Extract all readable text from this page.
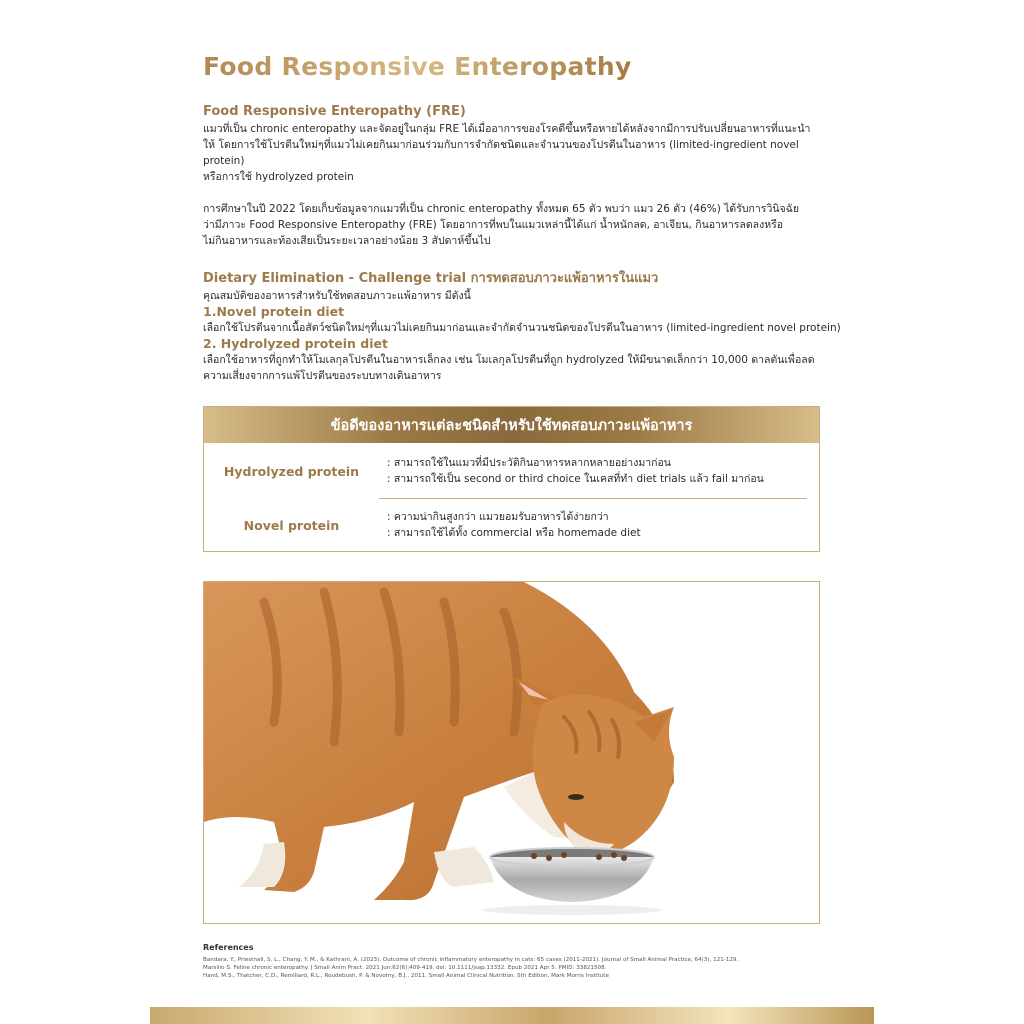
Food Responsive Enteropathy
Food Responsive Enteropathy (FRE)
แมวที่เป็น chronic enteropathy และจัดอยู่ในกลุ่ม FRE ได้เมื่ออาการของโรคดีขึ้นหรือหายได้หลังจากมีการปรับเปลี่ยนอาหารที่แนะนำ
ให้ โดยการใช้โปรตีนใหม่ๆที่แมวไม่เคยกินมาก่อนร่วมกับการจำกัดชนิดและจำนวนของโปรตีนในอาหาร (limited-ingredient novel protein)
หรือการใช้ hydrolyzed protein
การศึกษาในปี 2022 โดยเก็บข้อมูลจากแมวที่เป็น chronic enteropathy ทั้งหมด 65 ตัว พบว่า แมว 26 ตัว (46%) ได้รับการวินิจฉัย
ว่ามีภาวะ Food Responsive Enteropathy (FRE) โดยอาการที่พบในแมวเหล่านี้ได้แก่ น้ำหนักลด, อาเจียน, กินอาหารลดลงหรือ
ไม่กินอาหารและท้องเสียเป็นระยะเวลาอย่างน้อย 3 สัปดาห์ขึ้นไป
Dietary Elimination - Challenge trial การทดสอบภาวะแพ้อาหารในแมว
คุณสมบัติของอาหารสำหรับใช้ทดสอบภาวะแพ้อาหาร มีดังนี้
1.Novel protein diet
เลือกใช้โปรตีนจากเนื้อสัตว์ชนิดใหม่ๆที่แมวไม่เคยกินมาก่อนและจำกัดจำนวนชนิดของโปรตีนในอาหาร (limited-ingredient novel protein)
2. Hydrolyzed protein diet
เลือกใช้อาหารที่ถูกทำให้โมเลกุลโปรตีนในอาหารเล็กลง เช่น โมเลกุลโปรตีนที่ถูก hydrolyzed ให้มีขนาดเล็กกว่า 10,000 ดาลตันเพื่อลด
ความเสี่ยงจากการแพ้โปรตีนของระบบทางเดินอาหาร
ข้อดีของอาหารแต่ละชนิดสำหรับใช้ทดสอบภาวะแพ้อาหาร
Hydrolyzed protein
: สามารถใช้ในแมวที่มีประวัติกินอาหารหลากหลายอย่างมาก่อน
: สามารถใช้เป็น second or third choice ในเคสที่ทำ diet trials แล้ว fail มาก่อน
Novel protein
: ความน่ากินสูงกว่า แมวยอมรับอาหารได้ง่ายกว่า
: สามารถใช้ได้ทั้ง commercial หรือ homemade diet
References
Bandara, Y., Priestnall, S. L., Chang, Y. M., & Kathrani, A. (2023). Outcome of chronic inflammatory enteropathy in cats: 65 cases (2011-2021). Journal of Small Animal Practice, 64(3), 121-129.
Marsilio S. Feline chronic enteropathy. J Small Anim Pract. 2021 Jun;62(6):409-419. doi: 10.1111/jsap.13332. Epub 2021 Apr 5. PMID: 33821508.
Hand, M.S., Thatcher, C.D., Remillard, R.L., Roudebush, P. & Novotny, B.J., 2011. Small Animal Clinical Nutrition. 5th Edition, Mark Morris Institute
